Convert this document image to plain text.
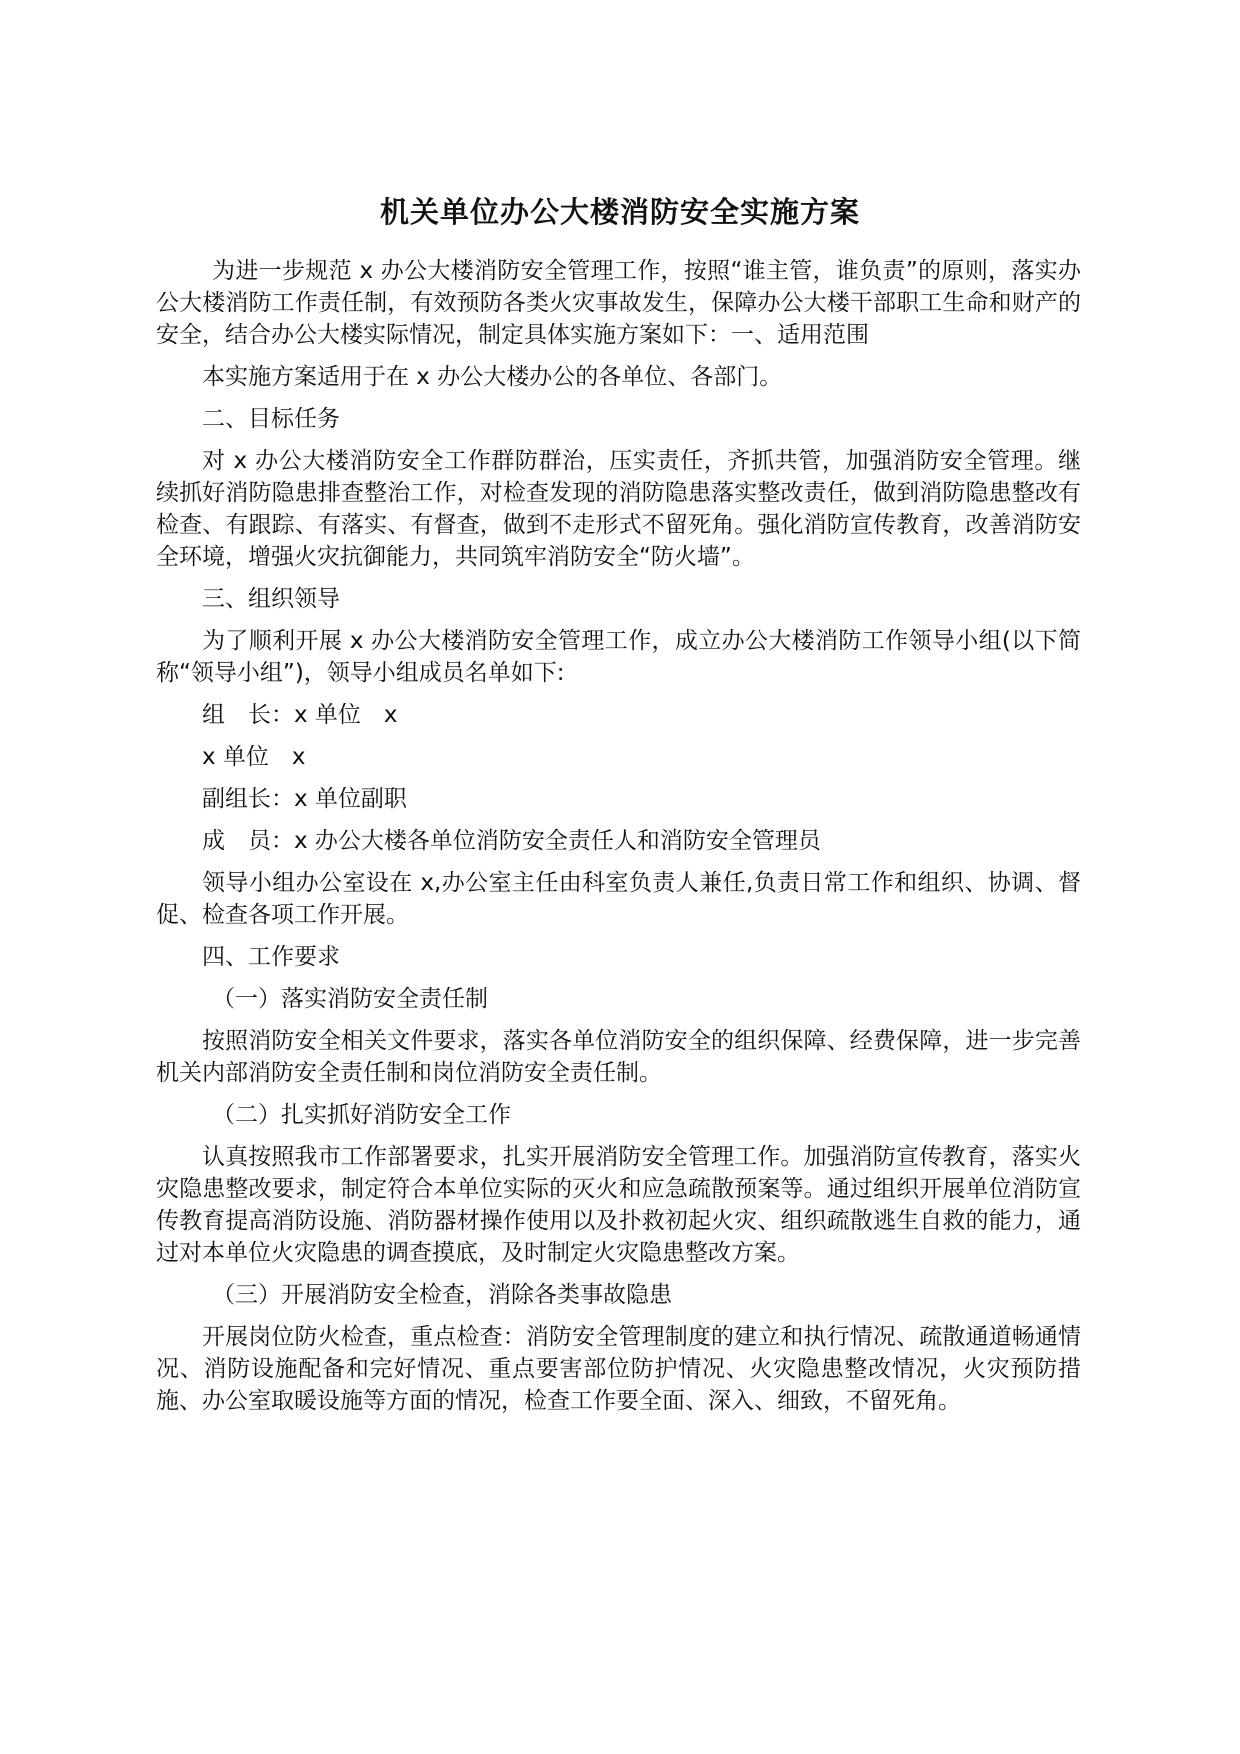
机关单位办公大楼消防安全实施方案

为进一步规范 x 办公大楼消防安全管理工作，按照“谁主管，谁负责”的原则，落实办公大楼消防工作责任制，有效预防各类火灾事故发生，保障办公大楼干部职工生命和财产的安全，结合办公大楼实际情况，制定具体实施方案如下：一、适用范围

本实施方案适用于在 x 办公大楼办公的各单位、各部门。

二、目标任务

对 x 办公大楼消防安全工作群防群治，压实责任，齐抓共管，加强消防安全管理。继续抓好消防隐患排查整治工作，对检查发现的消防隐患落实整改责任，做到消防隐患整改有检查、有跟踪、有落实、有督查，做到不走形式不留死角。强化消防宣传教育，改善消防安全环境，增强火灾抗御能力，共同筑牢消防安全“防火墙”。

三、组织领导

为了顺利开展 x 办公大楼消防安全管理工作，成立办公大楼消防工作领导小组(以下简称“领导小组”)，领导小组成员名单如下:

组　长：x 单位　x

x 单位　x

副组长：x 单位副职

成　员：x 办公大楼各单位消防安全责任人和消防安全管理员

领导小组办公室设在 x,办公室主任由科室负责人兼任,负责日常工作和组织、协调、督促、检查各项工作开展。

四、工作要求

（一）落实消防安全责任制

按照消防安全相关文件要求，落实各单位消防安全的组织保障、经费保障，进一步完善机关内部消防安全责任制和岗位消防安全责任制。

（二）扎实抓好消防安全工作

认真按照我市工作部署要求，扎实开展消防安全管理工作。加强消防宣传教育，落实火灾隐患整改要求，制定符合本单位实际的灭火和应急疏散预案等。通过组织开展单位消防宣传教育提高消防设施、消防器材操作使用以及扑救初起火灾、组织疏散逃生自救的能力，通过对本单位火灾隐患的调查摸底，及时制定火灾隐患整改方案。

（三）开展消防安全检查，消除各类事故隐患

开展岗位防火检查，重点检查：消防安全管理制度的建立和执行情况、疏散通道畅通情况、消防设施配备和完好情况、重点要害部位防护情况、火灾隐患整改情况，火灾预防措施、办公室取暖设施等方面的情况，检查工作要全面、深入、细致，不留死角。
